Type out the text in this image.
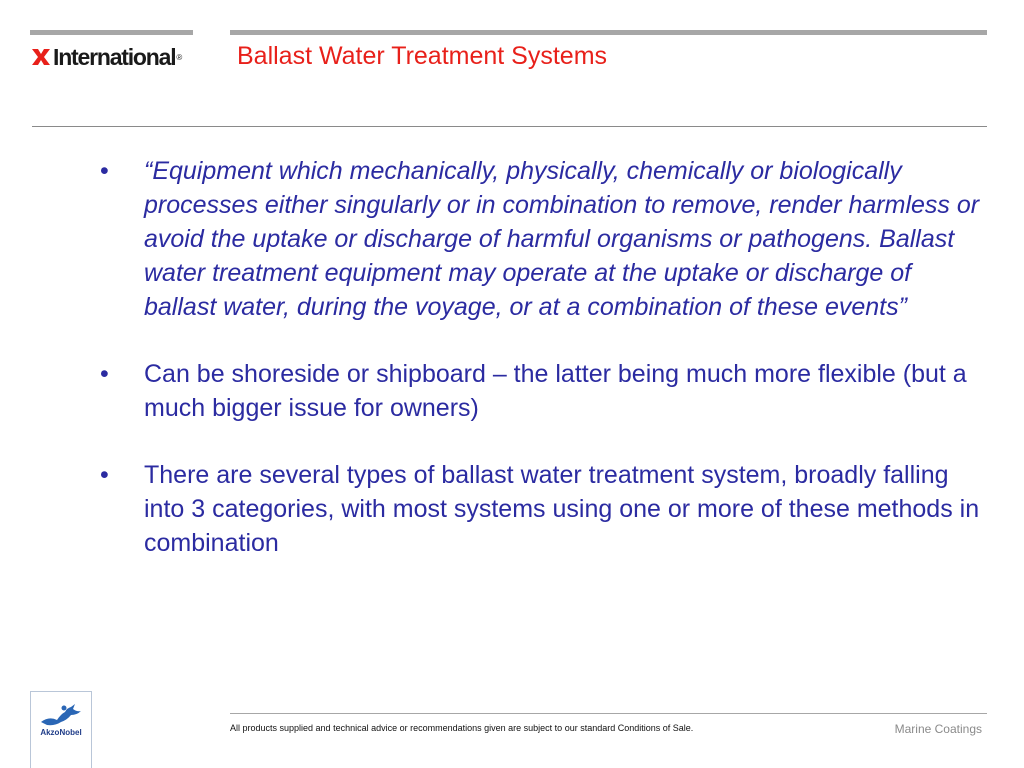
International ® Ballast Water Treatment Systems
•	“Equipment which mechanically, physically, chemically or biologically processes either singularly or in combination to remove, render harmless or avoid the uptake or discharge of harmful organisms or pathogens. Ballast water treatment equipment may operate at the uptake or discharge of ballast water, during the voyage, or at a combination of these events”
•	Can be shoreside or shipboard – the latter being much more flexible (but a much bigger issue for owners)
•	There are several types of ballast water treatment system, broadly falling into 3 categories, with most systems using one or more of these methods in combination
AkzoNobel	All products supplied and technical advice or recommendations given are subject to our standard Conditions of Sale.	Marine Coatings
